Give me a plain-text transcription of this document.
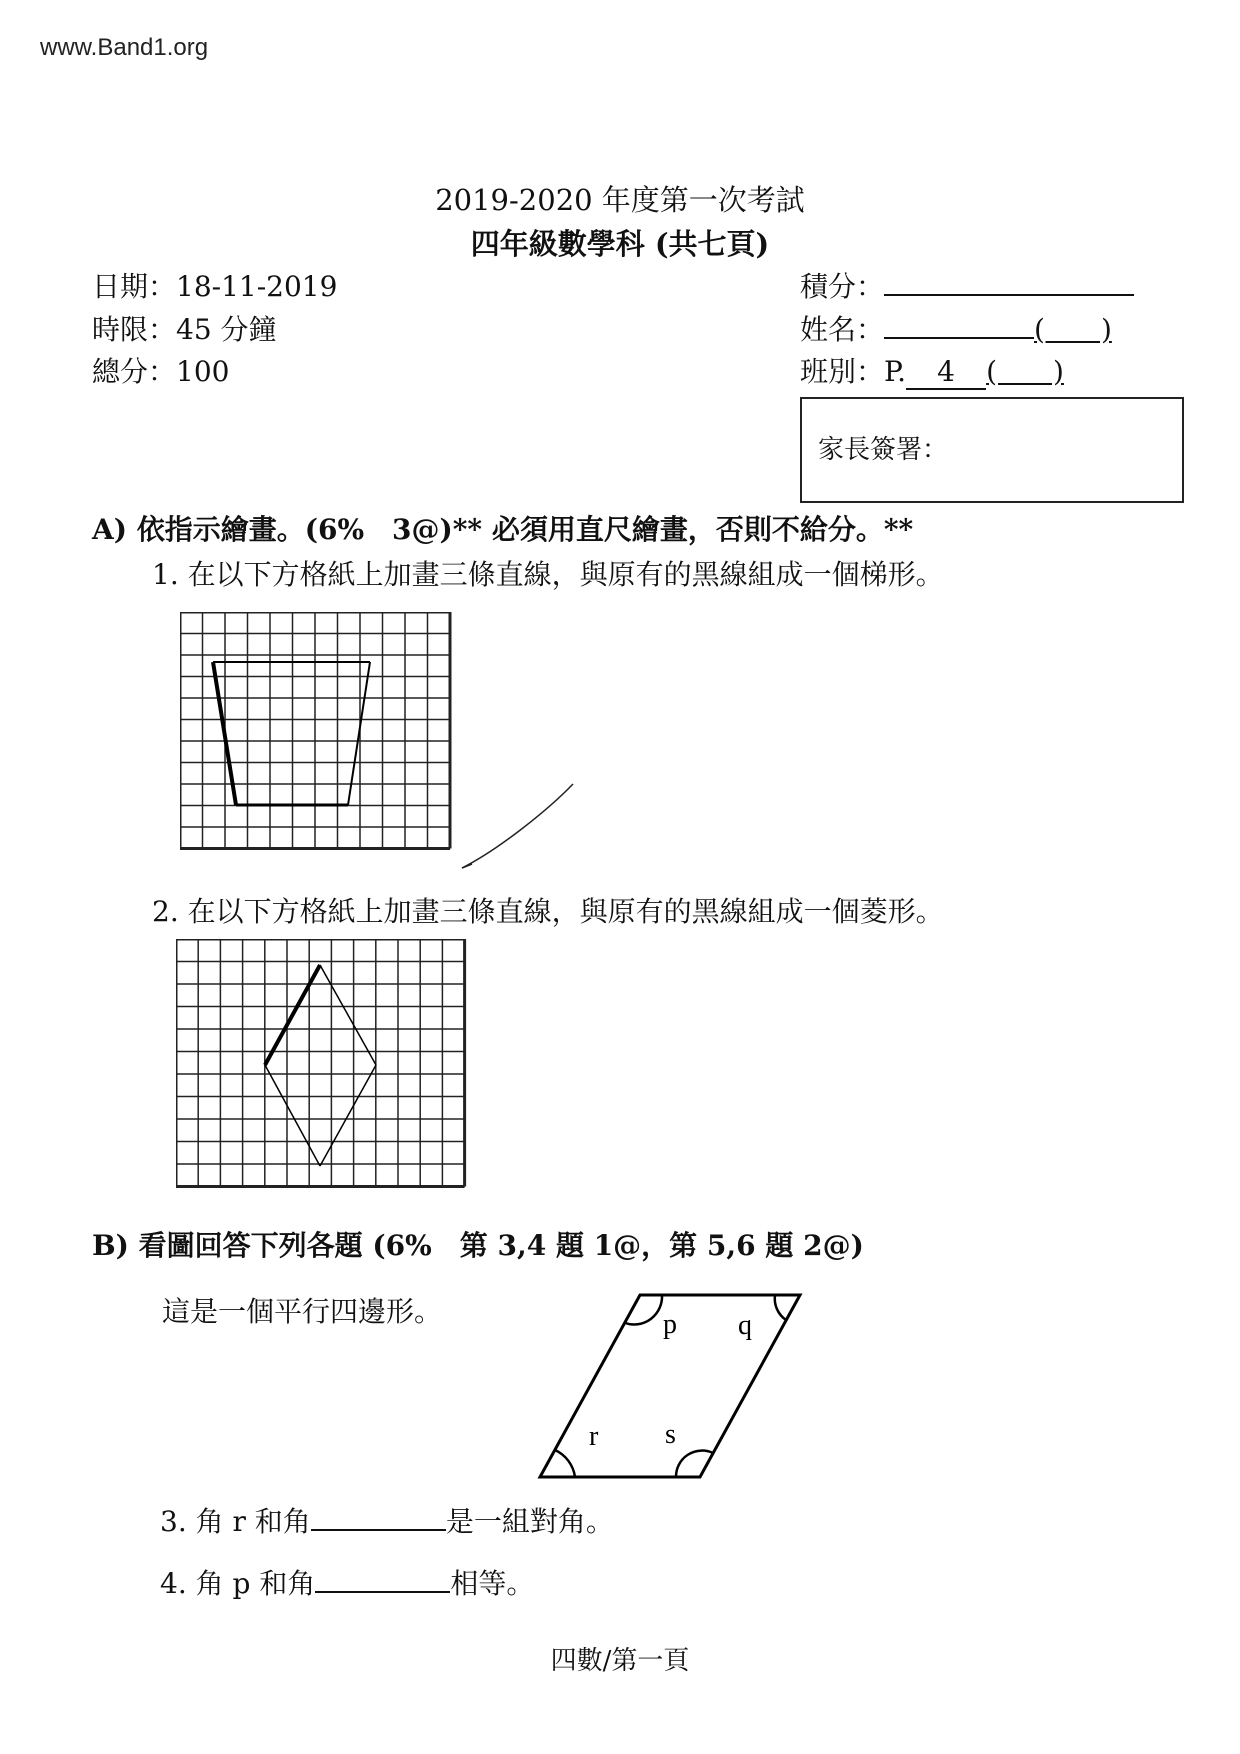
www.Band1.org
2019-2020 年度第一次考試
四年級數學科 (共七頁)
日期：18-11-2019
時限：45 分鐘
總分：100
積分：
姓名：	(　　)
班別：P. 4 (　　)
家長簽署：
A) 依指示繪畫。(6%　3@)** 必須用直尺繪畫，否則不給分。**
1. 在以下方格紙上加畫三條直線，與原有的黑線組成一個梯形。
2. 在以下方格紙上加畫三條直線，與原有的黑線組成一個菱形。
B) 看圖回答下列各題 (6%　第 3,4 題 1@，第 5,6 題 2@)
這是一個平行四邊形。	p q
r s
3. 角 r 和角	是一組對角。
4. 角 p 和角	相等。
四數/第一頁
